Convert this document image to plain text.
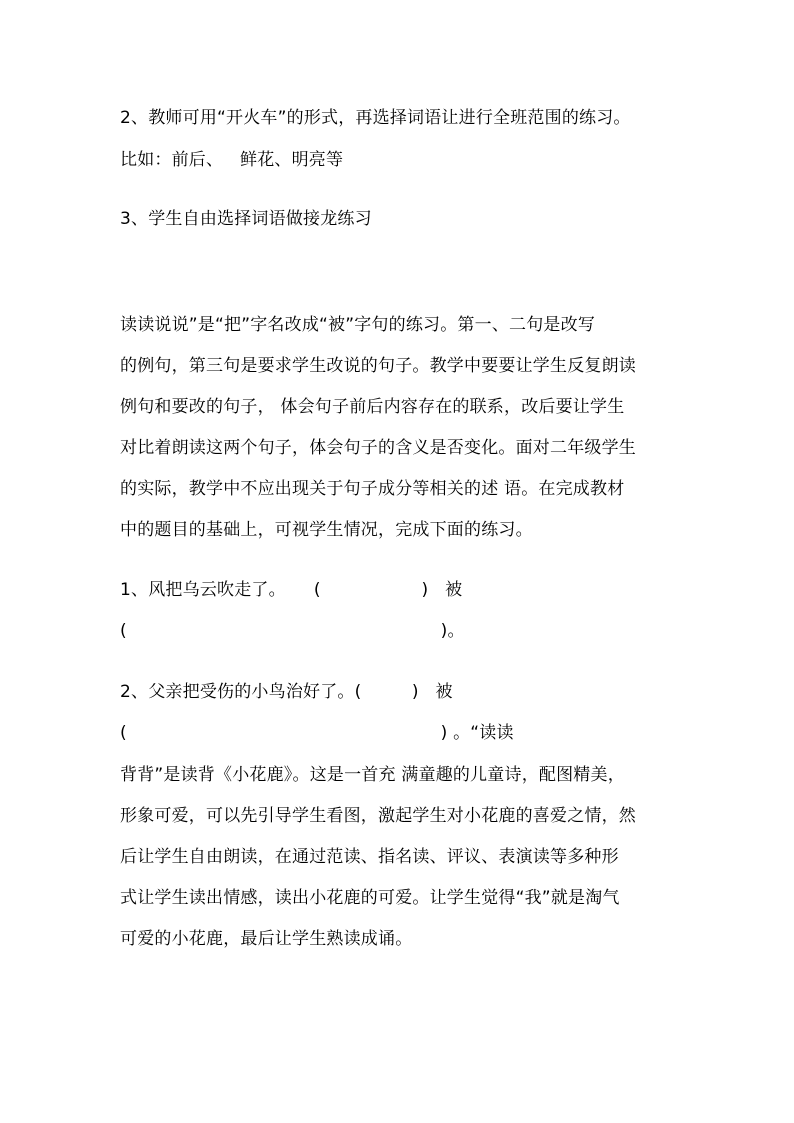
2、教师可用“开火车”的形式，再选择词语让进行全班范围的练习。
比如：前后、   鲜花、明亮等
3、学生自由选择词语做接龙练习
读读说说”是“把”字名改成“被”字句的练习。第一、二句是改写
的例句，第三句是要求学生改说的句子。教学中要要让学生反复朗读
例句和要改的句子， 体会句子前后内容存在的联系，改后要让学生
对比着朗读这两个句子，体会句子的含义是否变化。面对二年级学生
的实际，教学中不应出现关于句子成分等相关的述 语。在完成教材
中的题目的基础上，可视学生情况，完成下面的练习。
1、风把乌云吹走了。     (                  )   被
(                                                        )。
2、父亲把受伤的小鸟治好了。(         )   被
(                                                        ) 。“读读
背背”是读背《小花鹿》。这是一首充 满童趣的儿童诗，配图精美，
形象可爱，可以先引导学生看图，激起学生对小花鹿的喜爱之情，然
后让学生自由朗读，在通过范读、指名读、评议、表演读等多种形
式让学生读出情感，读出小花鹿的可爱。让学生觉得“我”就是淘气
可爱的小花鹿，最后让学生熟读成诵。
